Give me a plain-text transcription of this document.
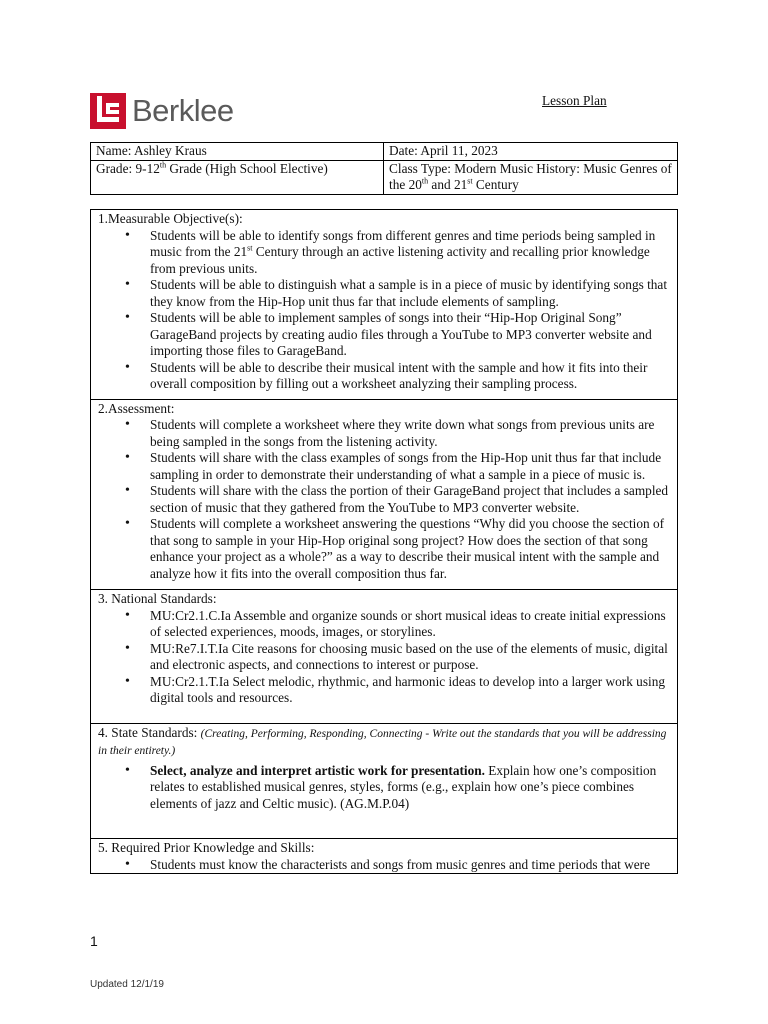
Berklee	Lesson Plan
Name: Ashley Kraus	Date: April 11, 2023
Grade: 9-12th Grade (High School Elective)	Class Type: Modern Music History: Music Genres of the 20th and 21st Century
1.Measurable Objective(s):
• Students will be able to identify songs from different genres and time periods being sampled in music from the 21st Century through an active listening activity and recalling prior knowledge from previous units.
• Students will be able to distinguish what a sample is in a piece of music by identifying songs that they know from the Hip-Hop unit thus far that include elements of sampling.
• Students will be able to implement samples of songs into their “Hip-Hop Original Song” GarageBand projects by creating audio files through a YouTube to MP3 converter website and importing those files to GarageBand.
• Students will be able to describe their musical intent with the sample and how it fits into their overall composition by filling out a worksheet analyzing their sampling process.
2.Assessment:
• Students will complete a worksheet where they write down what songs from previous units are being sampled in the songs from the listening activity.
• Students will share with the class examples of songs from the Hip-Hop unit thus far that include sampling in order to demonstrate their understanding of what a sample in a piece of music is.
• Students will share with the class the portion of their GarageBand project that includes a sampled section of music that they gathered from the YouTube to MP3 converter website.
• Students will complete a worksheet answering the questions “Why did you choose the section of that song to sample in your Hip-Hop original song project? How does the section of that song enhance your project as a whole?” as a way to describe their musical intent with the sample and analyze how it fits into the overall composition thus far.
3. National Standards:
• MU:Cr2.1.C.Ia Assemble and organize sounds or short musical ideas to create initial expressions of selected experiences, moods, images, or storylines.
• MU:Re7.I.T.Ia Cite reasons for choosing music based on the use of the elements of music, digital and electronic aspects, and connections to interest or purpose.
• MU:Cr2.1.T.Ia Select melodic, rhythmic, and harmonic ideas to develop into a larger work using digital tools and resources.
4. State Standards: (Creating, Performing, Responding, Connecting - Write out the standards that you will be addressing in their entirety.)
• Select, analyze and interpret artistic work for presentation. Explain how one’s composition relates to established musical genres, styles, forms (e.g., explain how one’s piece combines elements of jazz and Celtic music). (AG.M.P.04)
5. Required Prior Knowledge and Skills:
• Students must know the characterists and songs from music genres and time periods that were
1
Updated 12/1/19
